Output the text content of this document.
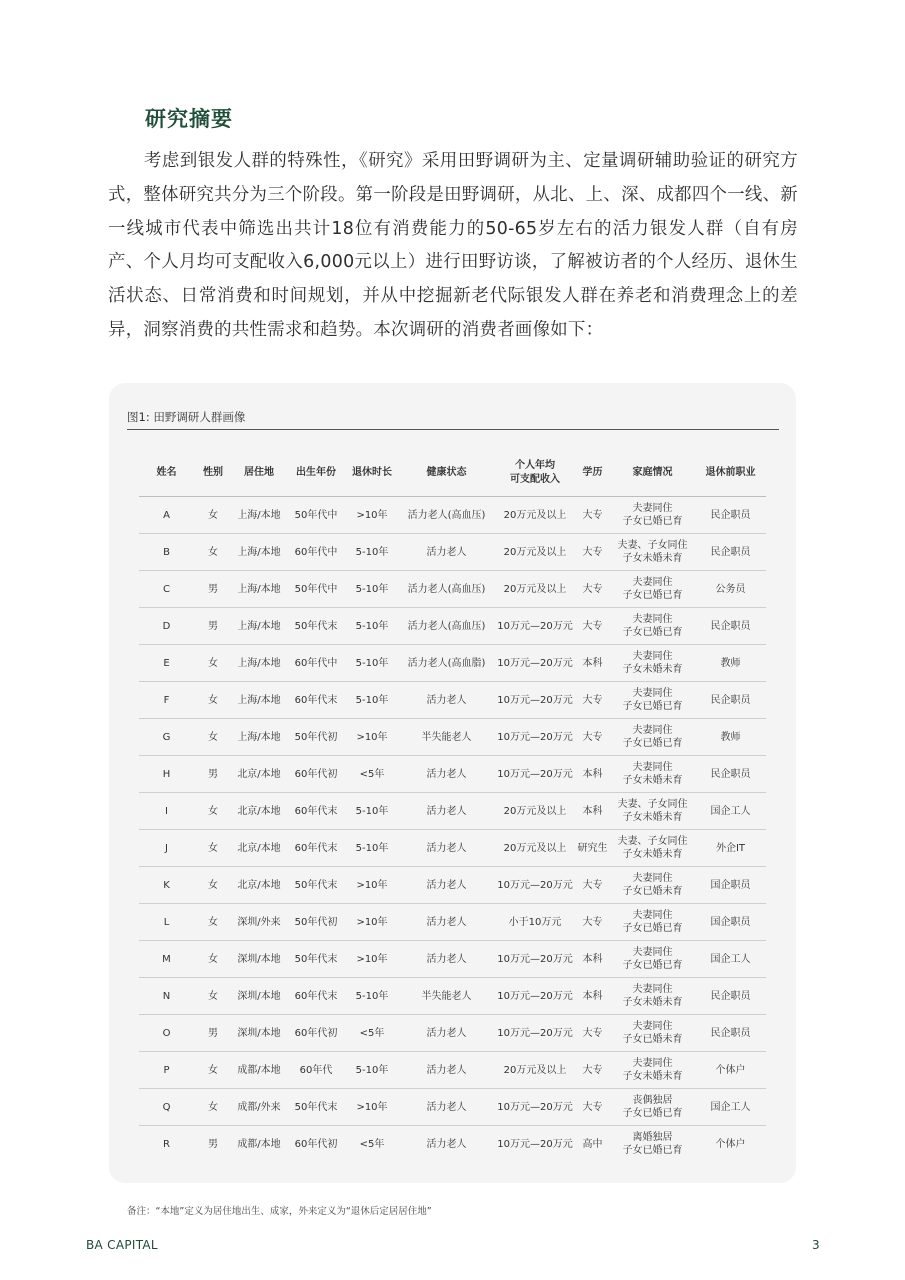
研究摘要

考虑到银发人群的特殊性，《研究》采用田野调研为主、定量调研辅助验证的研究方式，整体研究共分为三个阶段。第一阶段是田野调研，从北、上、深、成都四个一线、新一线城市代表中筛选出共计18位有消费能力的50-65岁左右的活力银发人群（自有房产、个人月均可支配收入6,000元以上）进行田野访谈，了解被访者的个人经历、退休生活状态、日常消费和时间规划，并从中挖掘新老代际银发人群在养老和消费理念上的差异，洞察消费的共性需求和趋势。本次调研的消费者画像如下：

图1: 田野调研人群画像
姓名	性别	居住地	出生年份	退休时长	健康状态	个人年均
可支配收入	学历	家庭情况	退休前职业
A	女	上海/本地	50年代中	>10年	活力老人(高血压)	20万元及以上	大专	夫妻同住
子女已婚已育	民企职员
B	女	上海/本地	60年代中	5-10年	活力老人	20万元及以上	大专	夫妻、子女同住
子女未婚未育	民企职员
C	男	上海/本地	50年代中	5-10年	活力老人(高血压)	20万元及以上	大专	夫妻同住
子女已婚已育	公务员
D	男	上海/本地	50年代末	5-10年	活力老人(高血压)	10万元—20万元	大专	夫妻同住
子女已婚已育	民企职员
E	女	上海/本地	60年代中	5-10年	活力老人(高血脂)	10万元—20万元	本科	夫妻同住
子女未婚未育	教师
F	女	上海/本地	60年代末	5-10年	活力老人	10万元—20万元	大专	夫妻同住
子女已婚已育	民企职员
G	女	上海/本地	50年代初	>10年	半失能老人	10万元—20万元	大专	夫妻同住
子女已婚已育	教师
H	男	北京/本地	60年代初	<5年	活力老人	10万元—20万元	本科	夫妻同住
子女未婚未育	民企职员
I	女	北京/本地	60年代末	5-10年	活力老人	20万元及以上	本科	夫妻、子女同住
子女未婚未育	国企工人
J	女	北京/本地	60年代末	5-10年	活力老人	20万元及以上	研究生	夫妻、子女同住
子女未婚未育	外企IT
K	女	北京/本地	50年代末	>10年	活力老人	10万元—20万元	大专	夫妻同住
子女已婚未育	国企职员
L	女	深圳/外来	50年代初	>10年	活力老人	小于10万元	大专	夫妻同住
子女已婚已育	国企职员
M	女	深圳/本地	50年代末	>10年	活力老人	10万元—20万元	本科	夫妻同住
子女已婚已育	国企工人
N	女	深圳/本地	60年代末	5-10年	半失能老人	10万元—20万元	本科	夫妻同住
子女未婚未育	民企职员
O	男	深圳/本地	60年代初	<5年	活力老人	10万元—20万元	大专	夫妻同住
子女已婚未育	民企职员
P	女	成都/本地	60年代	5-10年	活力老人	20万元及以上	大专	夫妻同住
子女未婚未育	个体户
Q	女	成都/外来	50年代末	>10年	活力老人	10万元—20万元	大专	丧偶独居
子女已婚已育	国企工人
R	男	成都/本地	60年代初	<5年	活力老人	10万元—20万元	高中	离婚独居
子女已婚已育	个体户
备注：“本地”定义为居住地出生、成家，外来定义为“退休后定居居住地”
BA CAPITAL	3
